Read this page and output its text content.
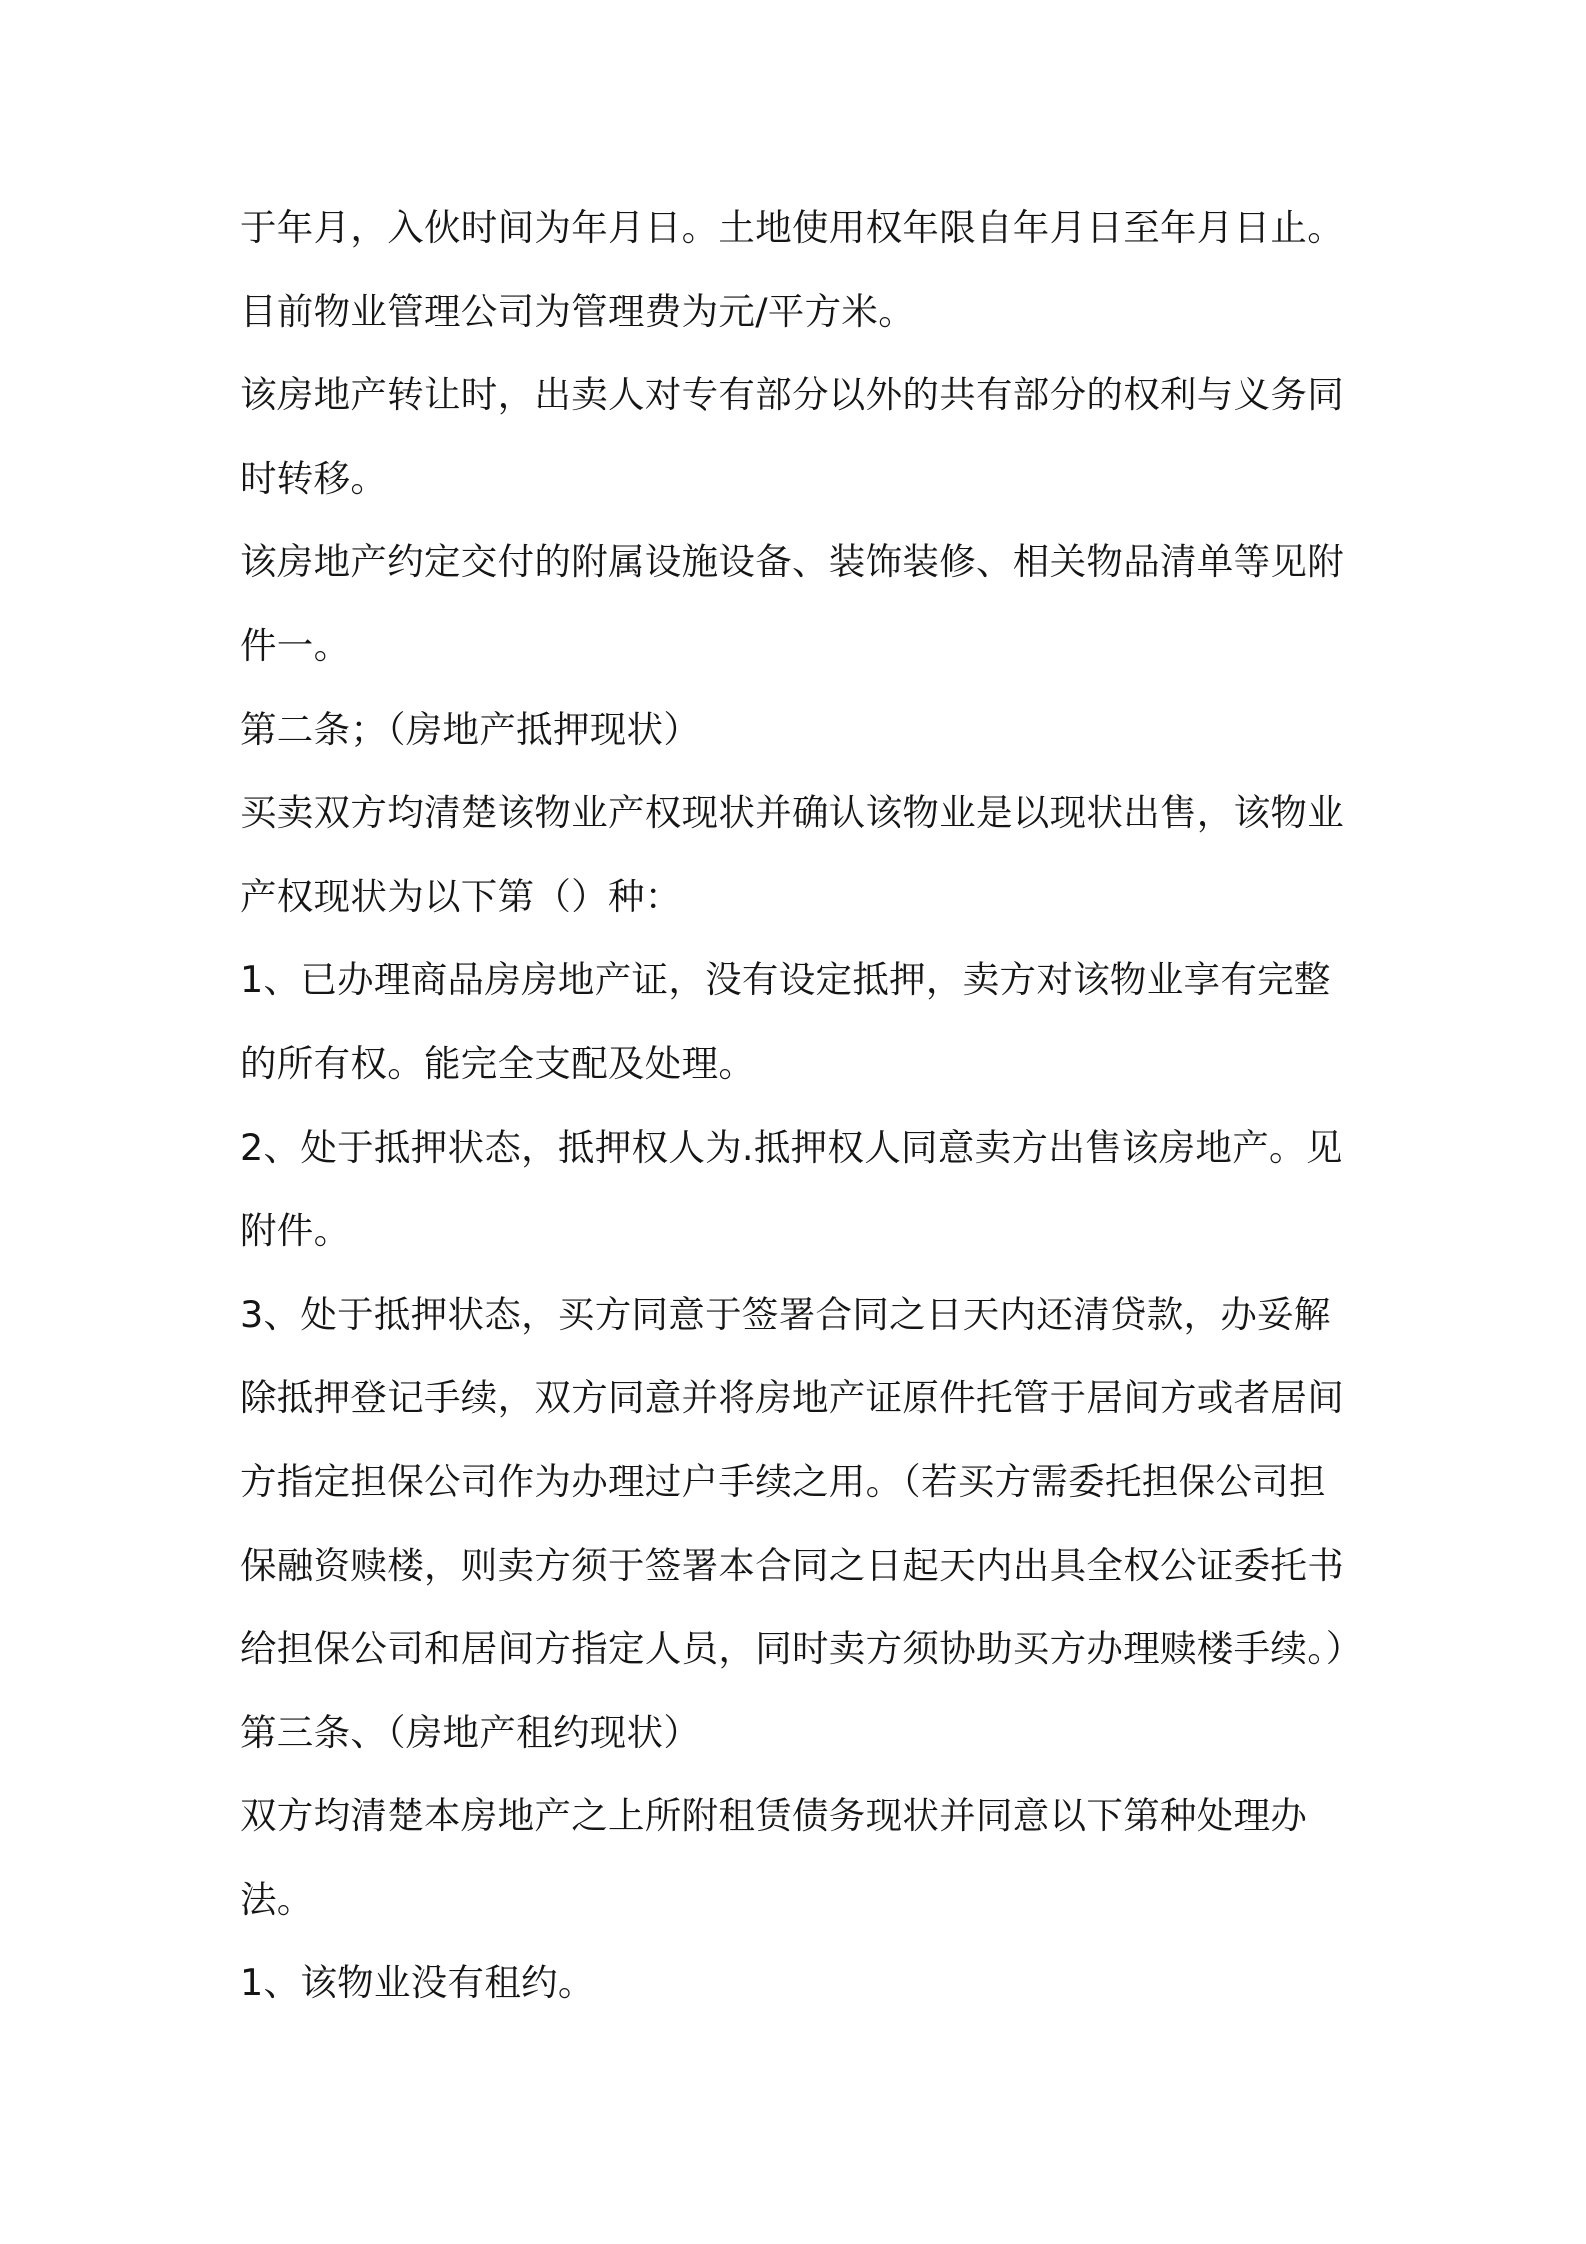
于年月，入伙时间为年月日。土地使用权年限自年月日至年月日止。
目前物业管理公司为管理费为元/平方米。
该房地产转让时，出卖人对专有部分以外的共有部分的权利与义务同
时转移。
该房地产约定交付的附属设施设备、装饰装修、相关物品清单等见附
件一。
第二条；（房地产抵押现状）
买卖双方均清楚该物业产权现状并确认该物业是以现状出售，该物业
产权现状为以下第（）种：
1、已办理商品房房地产证，没有设定抵押，卖方对该物业享有完整
的所有权。能完全支配及处理。
2、处于抵押状态，抵押权人为.抵押权人同意卖方出售该房地产。见
附件。
3、处于抵押状态，买方同意于签署合同之日天内还清贷款，办妥解
除抵押登记手续，双方同意并将房地产证原件托管于居间方或者居间
方指定担保公司作为办理过户手续之用。（若买方需委托担保公司担
保融资赎楼，则卖方须于签署本合同之日起天内出具全权公证委托书
给担保公司和居间方指定人员，同时卖方须协助买方办理赎楼手续。）
第三条、（房地产租约现状）
双方均清楚本房地产之上所附租赁债务现状并同意以下第种处理办
法。
1、该物业没有租约。
